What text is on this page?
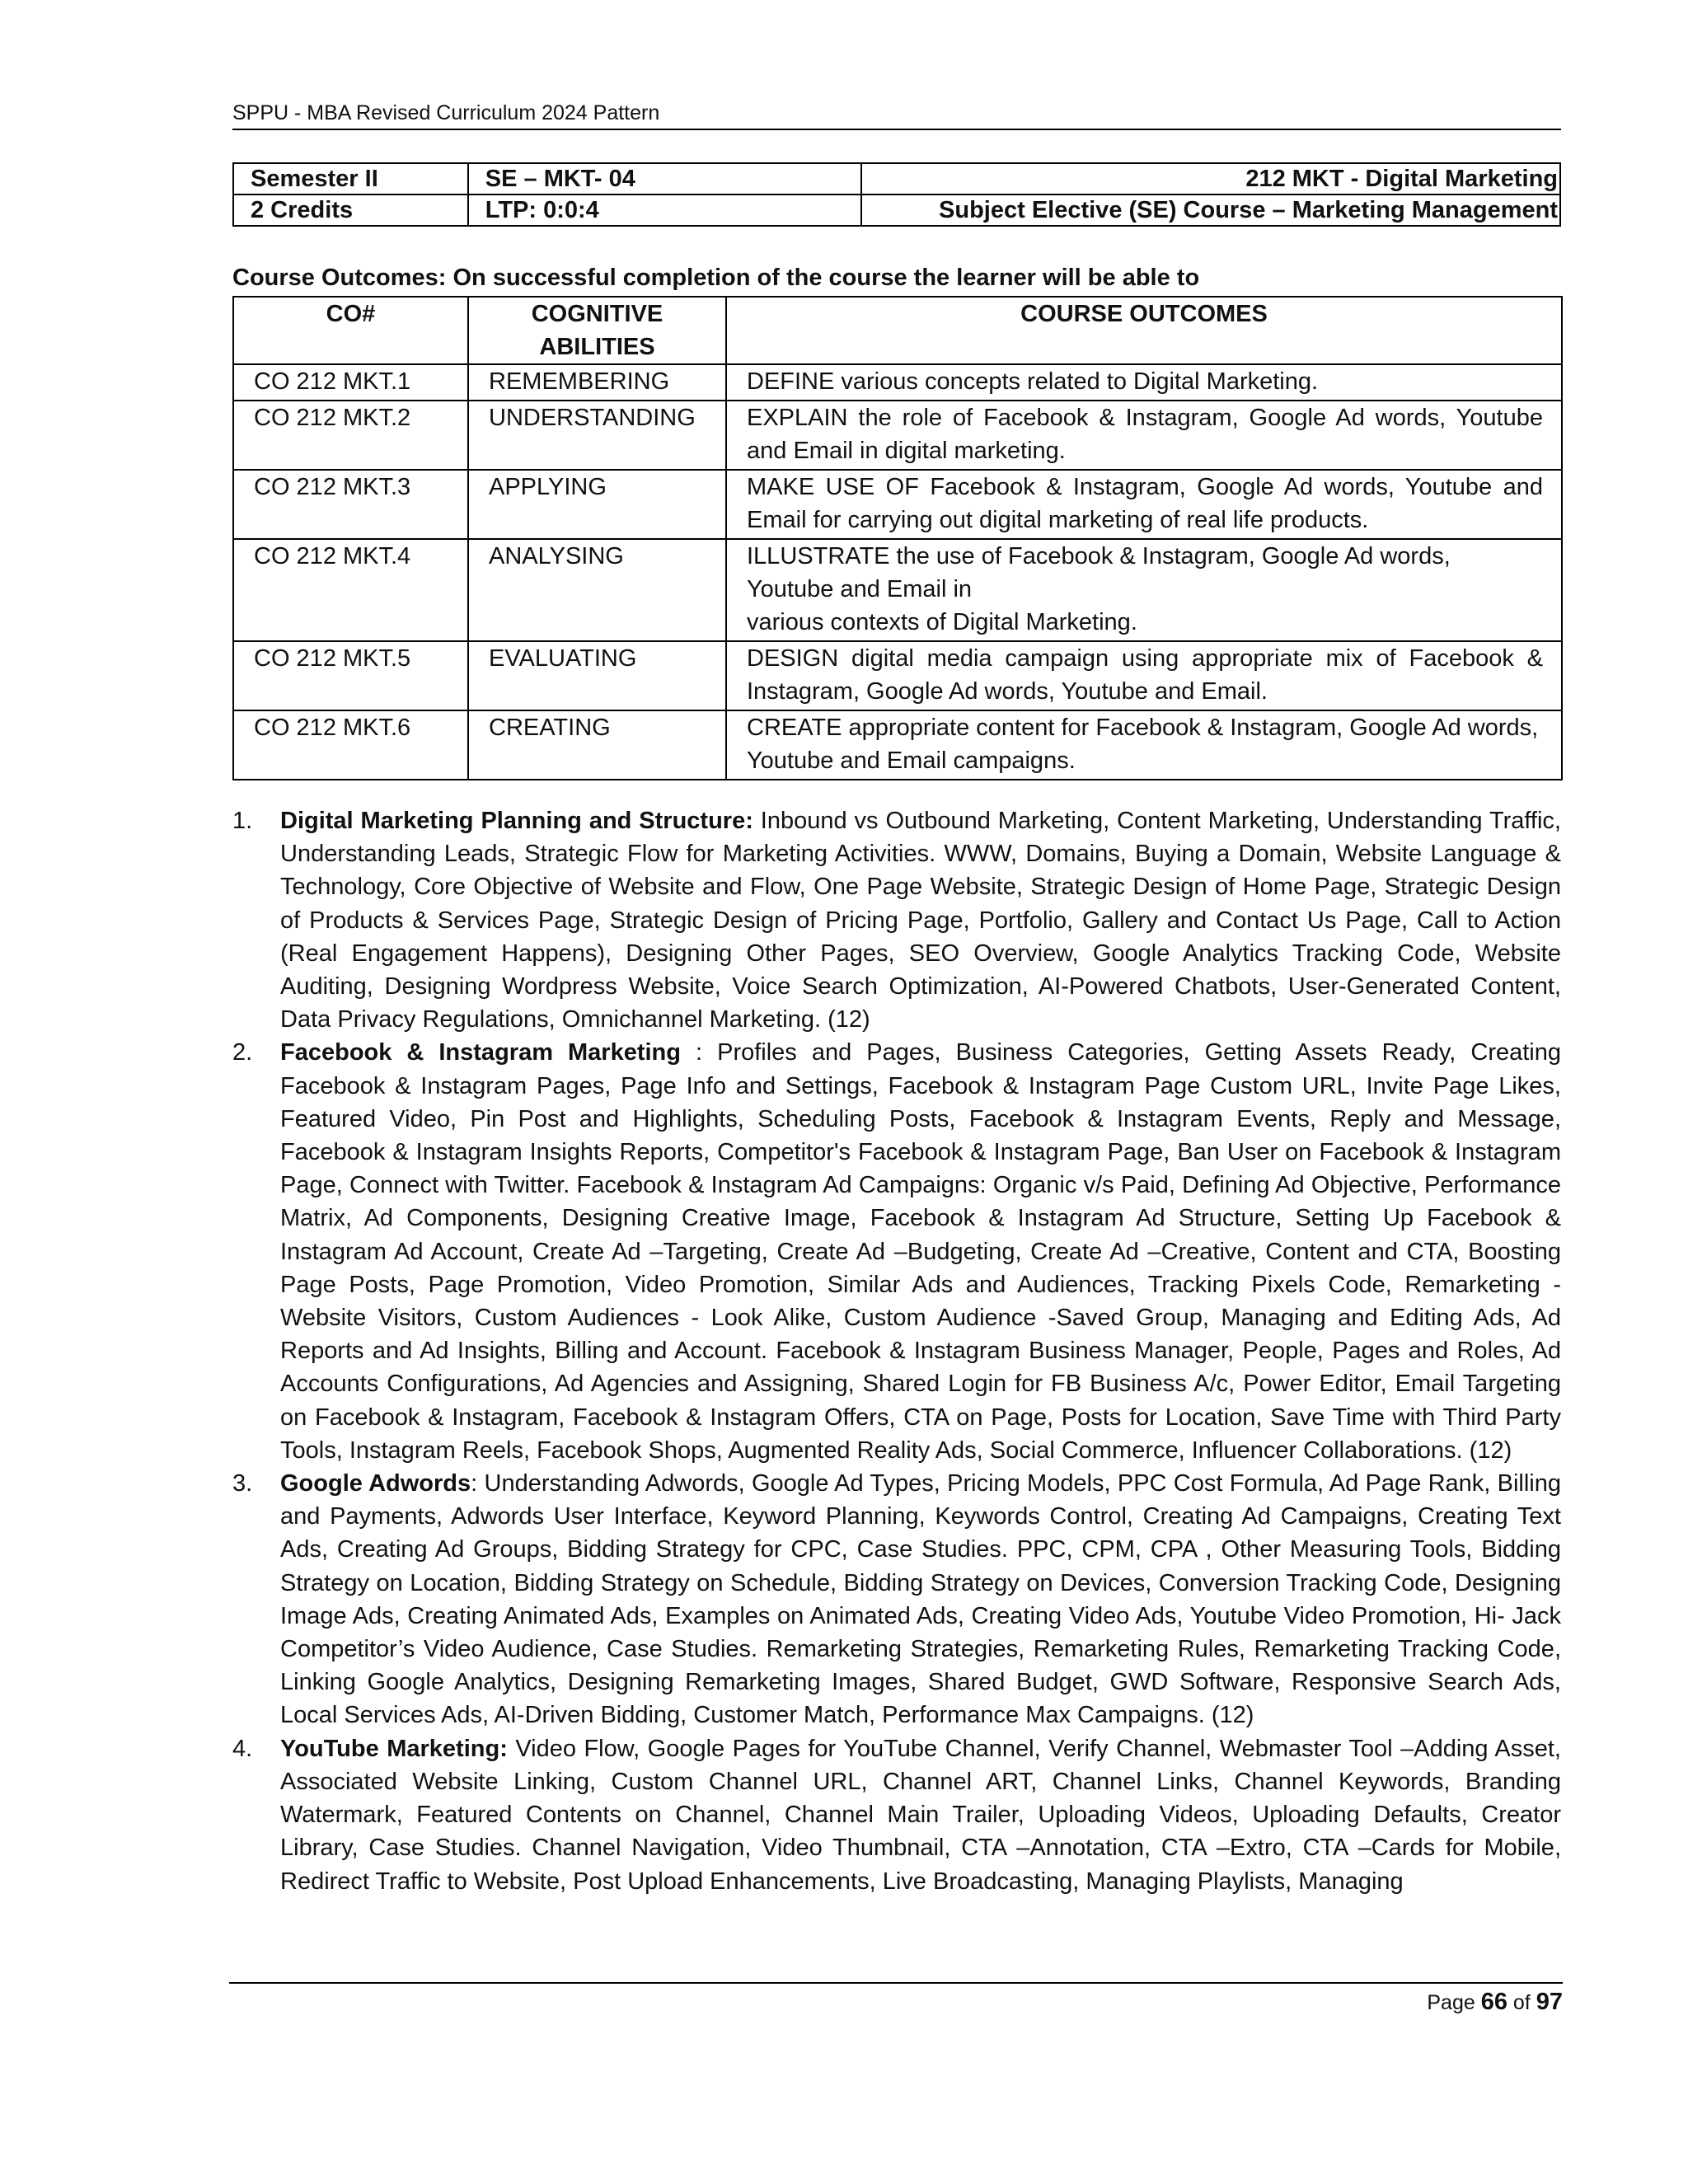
SPPU - MBA Revised Curriculum 2024 Pattern
Semester II	SE – MKT- 04	212 MKT - Digital Marketing
2 Credits	LTP: 0:0:4	Subject Elective (SE) Course – Marketing Management
Course Outcomes: On successful completion of the course the learner will be able to
CO#	COGNITIVE ABILITIES	COURSE OUTCOMES
CO 212 MKT.1	REMEMBERING	DEFINE various concepts related to Digital Marketing.
CO 212 MKT.2	UNDERSTANDING	EXPLAIN the role of Facebook & Instagram, Google Ad words, Youtube and Email in digital marketing.
CO 212 MKT.3	APPLYING	MAKE USE OF Facebook & Instagram, Google Ad words, Youtube and Email for carrying out digital marketing of real life products.
CO 212 MKT.4	ANALYSING	ILLUSTRATE the use of Facebook & Instagram, Google Ad words, Youtube and Email in
various contexts of Digital Marketing.

CO 212 MKT.5	EVALUATING	DESIGN digital media campaign using appropriate mix of Facebook & Instagram, Google Ad words, Youtube and Email.
CO 212 MKT.6	CREATING	CREATE appropriate content for Facebook & Instagram, Google Ad words, Youtube and Email campaigns.
1. Digital Marketing Planning and Structure: Inbound vs Outbound Marketing, Content Marketing, Understanding Traffic, Understanding Leads, Strategic Flow for Marketing Activities. WWW, Domains, Buying a Domain, Website Language & Technology, Core Objective of Website and Flow, One Page Website, Strategic Design of Home Page, Strategic Design of Products & Services Page, Strategic Design of Pricing Page, Portfolio, Gallery and Contact Us Page, Call to Action (Real Engagement Happens), Designing Other Pages, SEO Overview, Google Analytics Tracking Code, Website Auditing, Designing Wordpress Website, Voice Search Optimization, AI-Powered Chatbots, User-Generated Content, Data Privacy Regulations, Omnichannel Marketing. (12)
2. Facebook & Instagram Marketing : Profiles and Pages, Business Categories, Getting Assets Ready, Creating Facebook & Instagram Pages, Page Info and Settings, Facebook & Instagram Page Custom URL, Invite Page Likes, Featured Video, Pin Post and Highlights, Scheduling Posts, Facebook & Instagram Events, Reply and Message, Facebook & Instagram Insights Reports, Competitor's Facebook & Instagram Page, Ban User on Facebook & Instagram Page, Connect with Twitter. Facebook & Instagram Ad Campaigns: Organic v/s Paid, Defining Ad Objective, Performance Matrix, Ad Components, Designing Creative Image, Facebook & Instagram Ad Structure, Setting Up Facebook & Instagram Ad Account, Create Ad –Targeting, Create Ad –Budgeting, Create Ad –Creative, Content and CTA, Boosting Page Posts, Page Promotion, Video Promotion, Similar Ads and Audiences, Tracking Pixels Code, Remarketing - Website Visitors, Custom Audiences - Look Alike, Custom Audience -Saved Group, Managing and Editing Ads, Ad Reports and Ad Insights, Billing and Account. Facebook & Instagram Business Manager, People, Pages and Roles, Ad Accounts Configurations, Ad Agencies and Assigning, Shared Login for FB Business A/c, Power Editor, Email Targeting on Facebook & Instagram, Facebook & Instagram Offers, CTA on Page, Posts for Location, Save Time with Third Party Tools, Instagram Reels, Facebook Shops, Augmented Reality Ads, Social Commerce, Influencer Collaborations. (12)
3. Google Adwords: Understanding Adwords, Google Ad Types, Pricing Models, PPC Cost Formula, Ad Page Rank, Billing and Payments, Adwords User Interface, Keyword Planning, Keywords Control, Creating Ad Campaigns, Creating Text Ads, Creating Ad Groups, Bidding Strategy for CPC, Case Studies. PPC, CPM, CPA , Other Measuring Tools, Bidding Strategy on Location, Bidding Strategy on Schedule, Bidding Strategy on Devices, Conversion Tracking Code, Designing Image Ads, Creating Animated Ads, Examples on Animated Ads, Creating Video Ads, Youtube Video Promotion, Hi- Jack Competitor’s Video Audience, Case Studies. Remarketing Strategies, Remarketing Rules, Remarketing Tracking Code, Linking Google Analytics, Designing Remarketing Images, Shared Budget, GWD Software, Responsive Search Ads, Local Services Ads, AI-Driven Bidding, Customer Match, Performance Max Campaigns. (12)
4. YouTube Marketing: Video Flow, Google Pages for YouTube Channel, Verify Channel, Webmaster Tool –Adding Asset, Associated Website Linking, Custom Channel URL, Channel ART, Channel Links, Channel Keywords, Branding Watermark, Featured Contents on Channel, Channel Main Trailer, Uploading Videos, Uploading Defaults, Creator Library, Case Studies. Channel Navigation, Video Thumbnail, CTA –Annotation, CTA –Extro, CTA –Cards for Mobile, Redirect Traffic to Website, Post Upload Enhancements, Live Broadcasting, Managing Playlists, Managing
Page 66 of 97
